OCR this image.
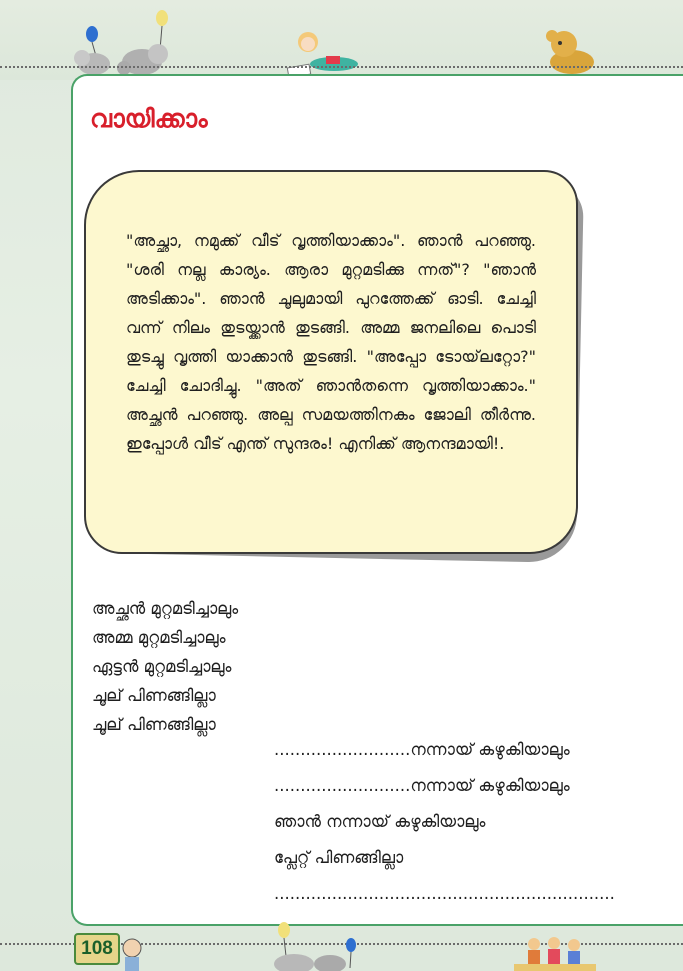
വായിക്കാം
"അച്ഛാ, നമുക്ക് വീട് വൃത്തിയാക്കാം". ഞാൻ പറഞ്ഞു. "ശരി നല്ല കാര്യം. ആരാ മുറ്റമടിക്കു ന്നത്"? "ഞാൻ അടിക്കാം". ഞാൻ ചൂലുമായി പുറത്തേക്ക് ഓടി. ചേച്ചി വന്ന് നിലം തുടയ്ക്കാൻ തുടങ്ങി. അമ്മ ജനലിലെ പൊടി തുടച്ചു വൃത്തി യാക്കാൻ തുടങ്ങി. "അപ്പോ ടോയ്‌ലറ്റോ?" ചേച്ചി ചോദിച്ചു. "അത് ഞാൻതന്നെ വൃത്തിയാക്കാം." അച്ഛൻ പറഞ്ഞു. അല്പ സമയത്തിനകം ജോലി തീർന്നു. ഇപ്പോൾ വീട് എന്ത് സുന്ദരം! എനിക്ക് ആനന്ദമായി!.
അച്ഛൻ മുറ്റമടിച്ചാലും
അമ്മ മുറ്റമടിച്ചാലും
ഏട്ടൻ മുറ്റമടിച്ചാലും
ചൂല് പിണങ്ങില്ലാ
ചൂല് പിണങ്ങില്ലാ
..........................നന്നായ് കഴുകിയാലും
..........................നന്നായ് കഴുകിയാലും
ഞാൻ നന്നായ് കഴുകിയാലും
പ്ലേറ്റ് പിണങ്ങില്ലാ
.................................................................
108
